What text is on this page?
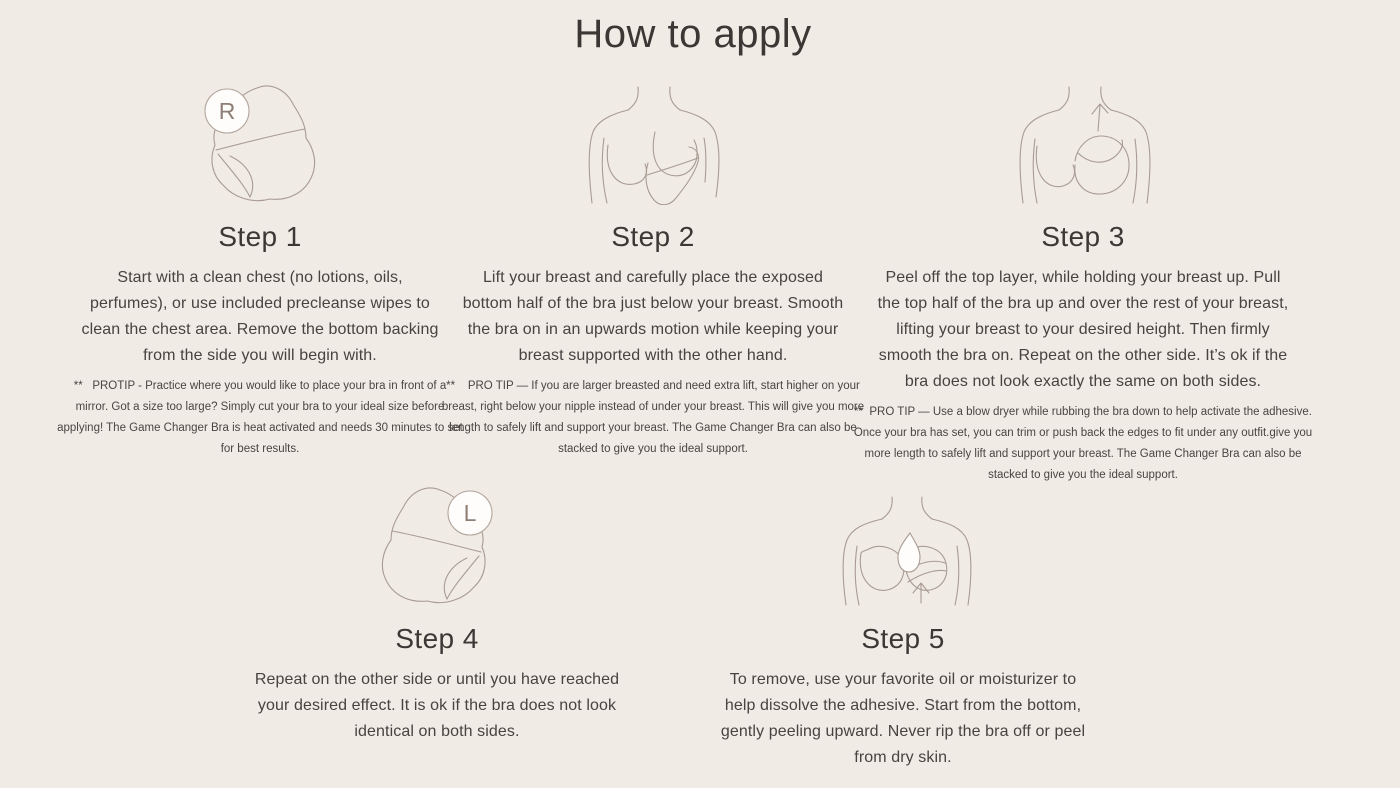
How to apply
R
Step 1

Start with a clean chest (no lotions, oils, perfumes), or use included precleanse wipes to clean the chest area. Remove the bottom backing from the side you will begin with.

**   PROTIP - Practice where you would like to place your bra in front of a mirror. Got a size too large? Simply cut your bra to your ideal size before applying! The Game Changer Bra is heat activated and needs 30 minutes to set for best results.

Step 2

Lift your breast and carefully place the exposed bottom half of the bra just below your breast. Smooth the bra on in an upwards motion while keeping your breast supported with the other hand.

**    PRO TIP — If you are larger breasted and need extra lift, start higher on your breast, right below your nipple instead of under your breast. This will give you more length to safely lift and support your breast. The Game Changer Bra can also be stacked to give you the ideal support.

Step 3

Peel off the top layer, while holding your breast up. Pull the top half of the bra up and over the rest of your breast, lifting your breast to your desired height. Then firmly smooth the bra on. Repeat on the other side. It’s ok if the bra does not look exactly the same on both sides.

**  PRO TIP — Use a blow dryer while rubbing the bra down to help activate the adhesive. Once your bra has set, you can trim or push back the edges to fit under any outfit.give you more length to safely lift and support your breast. The Game Changer Bra can also be stacked to give you the ideal support.

L
Step 4

Repeat on the other side or until you have reached your desired effect. It is ok if the bra does not look identical on both sides.

Step 5

To remove, use your favorite oil or moisturizer to help dissolve the adhesive. Start from the bottom, gently peeling upward. Never rip the bra off or peel from dry skin.
